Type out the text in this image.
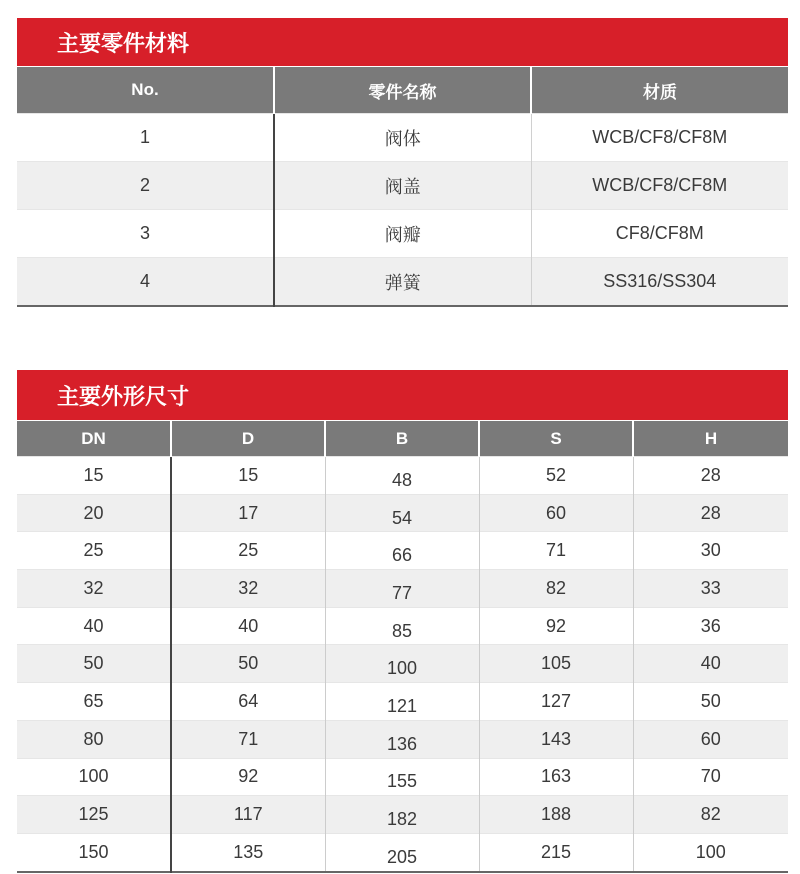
主要零件材料
No.	零件名称	材质
1	阀体	WCB/CF8/CF8M
2	阀盖	WCB/CF8/CF8M
3	阀瓣	CF8/CF8M
4	弹簧	SS316/SS304
主要外形尺寸
DN	D	B	S	H
15	15	48	52	28
20	17	54	60	28
25	25	66	71	30
32	32	77	82	33
40	40	85	92	36
50	50	100	105	40
65	64	121	127	50
80	71	136	143	60
100	92	155	163	70
125	117	182	188	82
150	135	205	215	100
